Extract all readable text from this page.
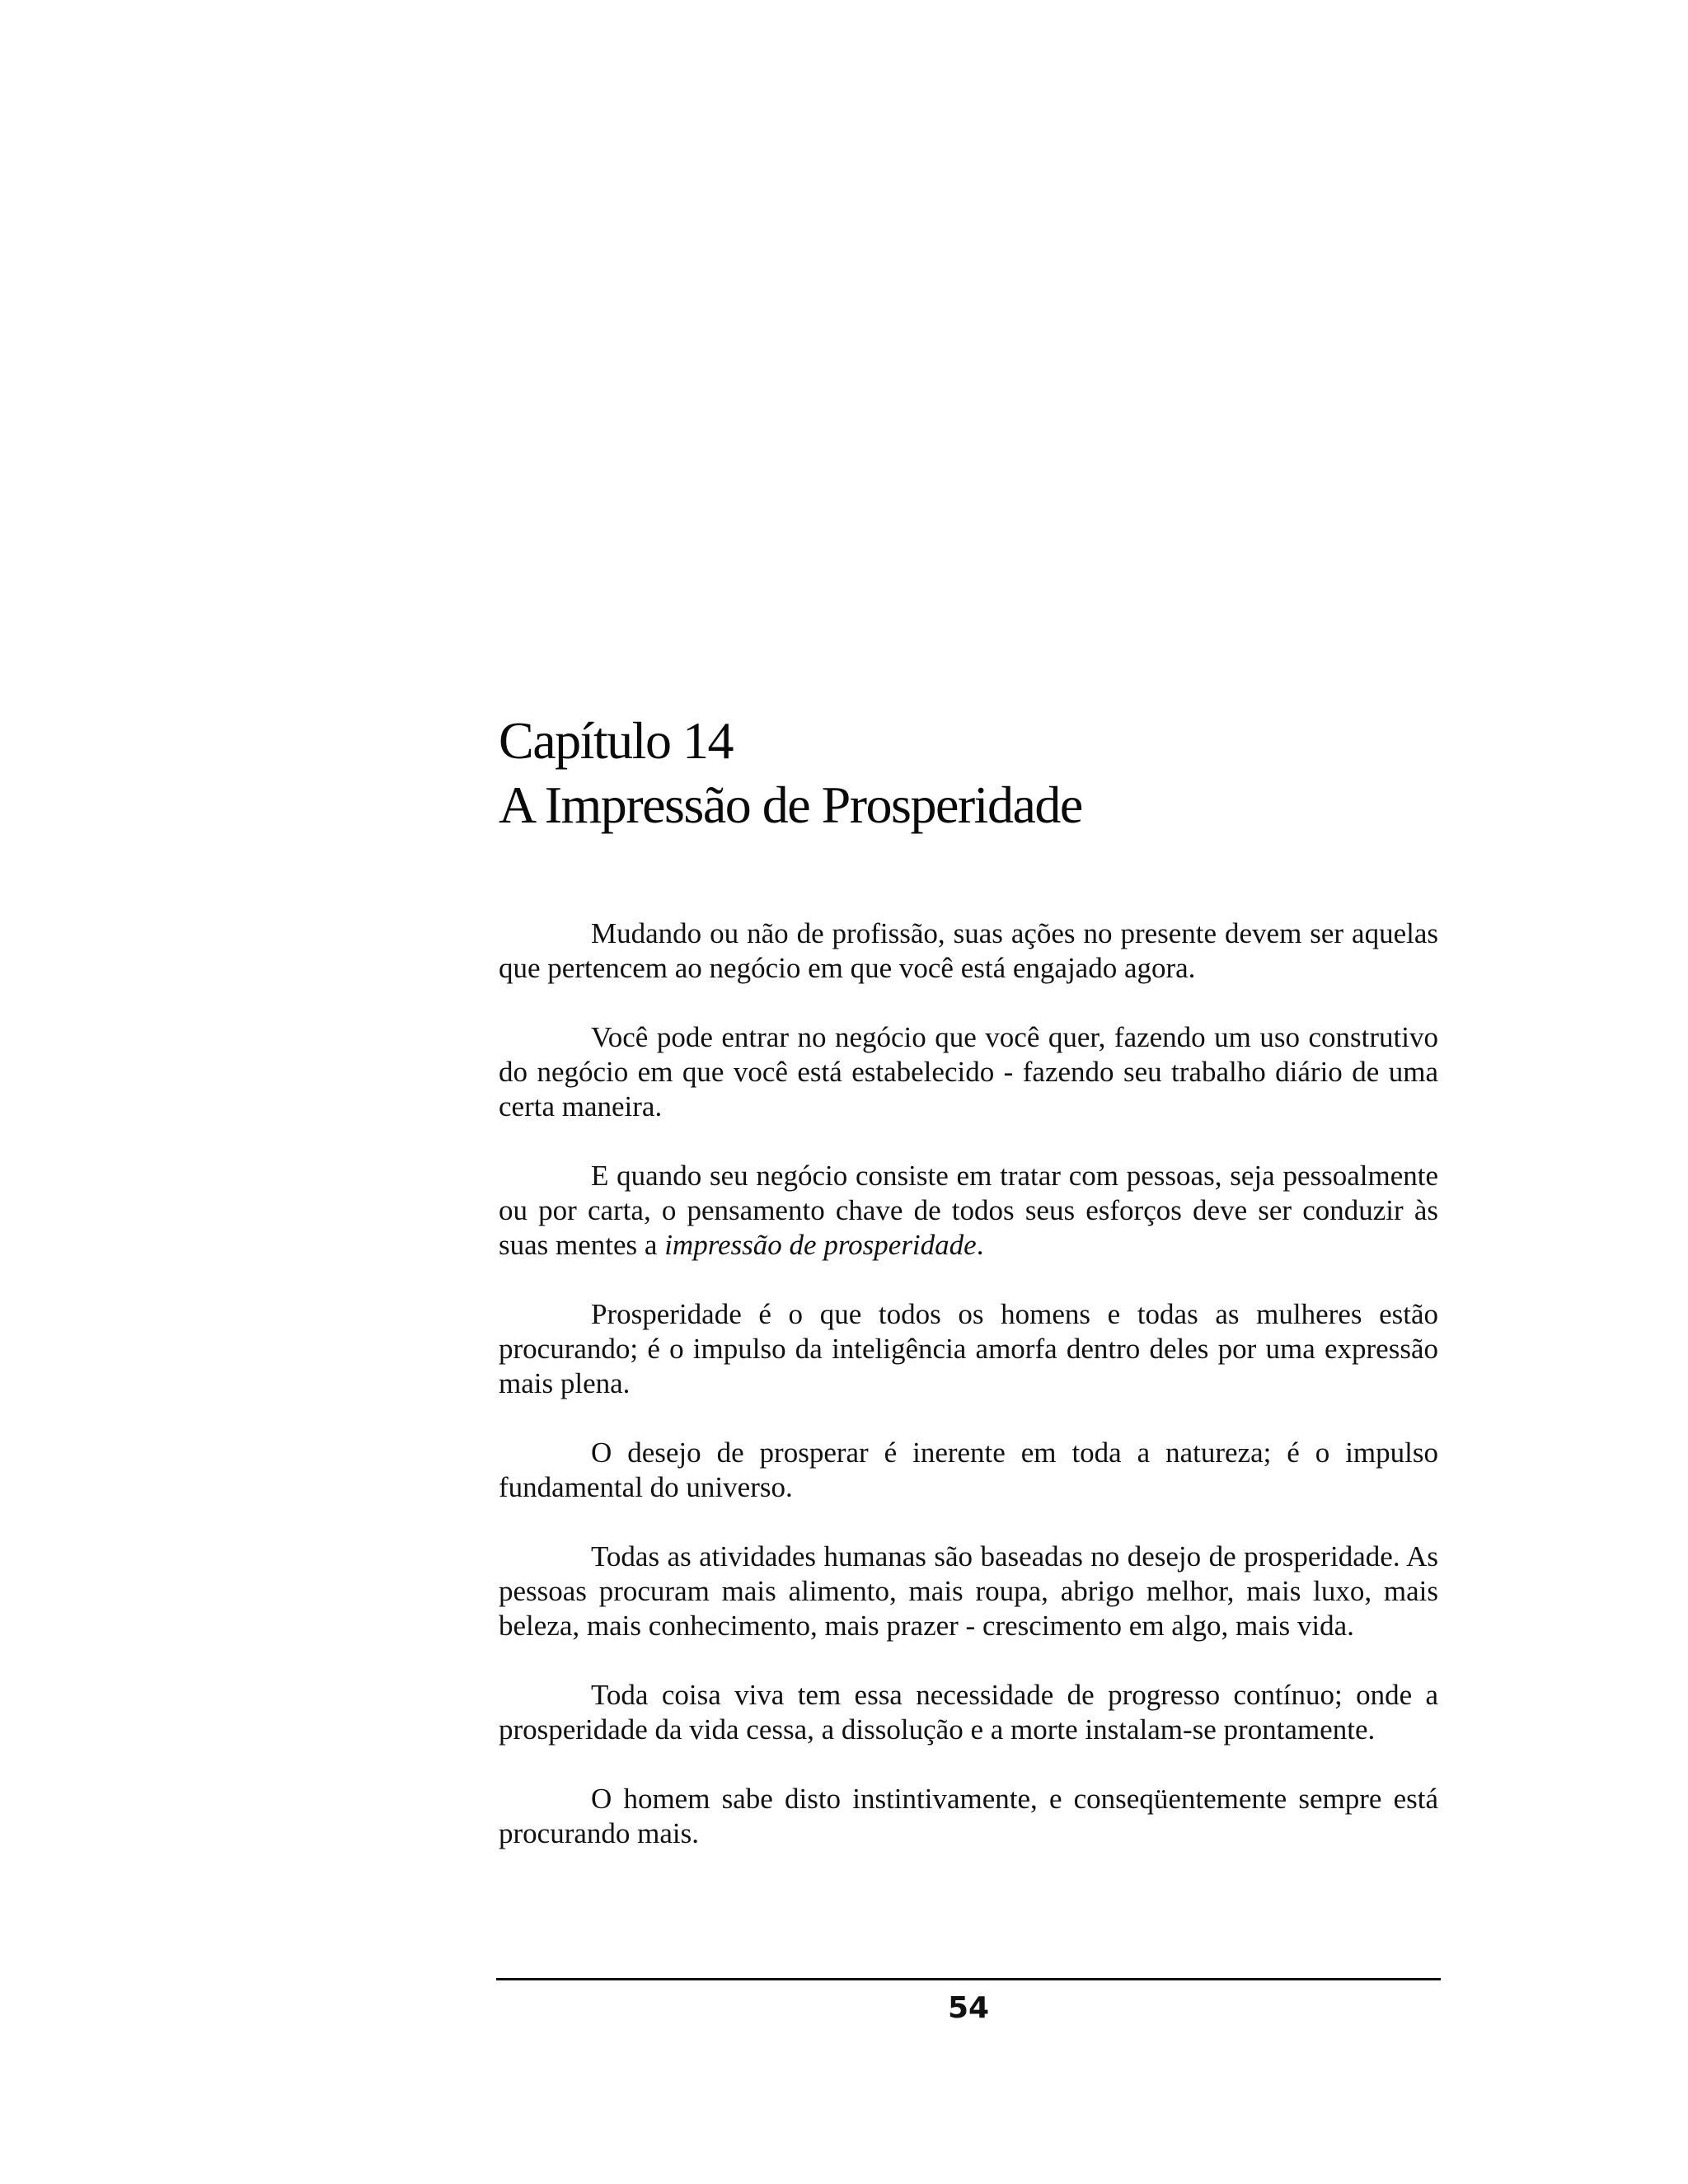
Capítulo 14
A Impressão de Prosperidade

Mudando ou não de profissão, suas ações no presente devem ser aquelas que pertencem ao negócio em que você está engajado agora.

Você pode entrar no negócio que você quer, fazendo um uso construtivo do negócio em que você está estabelecido - fazendo seu trabalho diário de uma certa maneira.

E quando seu negócio consiste em tratar com pessoas, seja pessoalmente ou por carta, o pensamento chave de todos seus esforços deve ser conduzir às suas mentes a impressão de prosperidade.

Prosperidade é o que todos os homens e todas as mulheres estão procurando; é o impulso da inteligência amorfa dentro deles por uma expressão mais plena.

O desejo de prosperar é inerente em toda a natureza; é o impulso fundamental do universo.

Todas as atividades humanas são baseadas no desejo de prosperidade. As pessoas procuram mais alimento, mais roupa, abrigo melhor, mais luxo, mais beleza, mais conhecimento, mais prazer - crescimento em algo, mais vida.

Toda coisa viva tem essa necessidade de progresso contínuo; onde a prosperidade da vida cessa, a dissolução e a morte instalam-se prontamente.

O homem sabe disto instintivamente, e conseqüentemente sempre está procurando mais.

54
